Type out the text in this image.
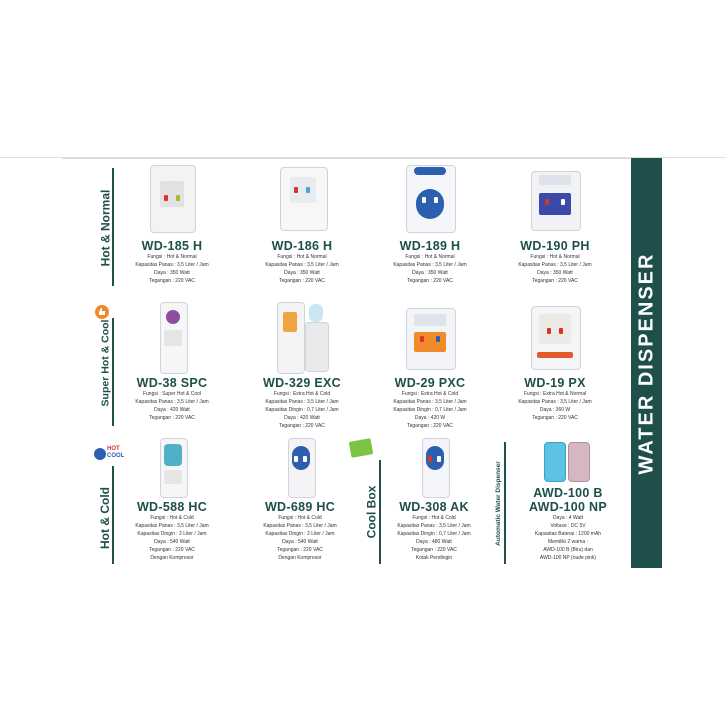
WATER DISPENSER
Hot & Normal
Super Hot & Cool
Hot & Cold
HOT
COOL
Cool Box	Automatic Water Dispenser
WD-185 H
Fungsi : Hot & Normal
Kapasitas Panas : 3,5 Liter / Jam
Daya : 350 Watt
Tegangan : 220 VAC
WD-186 H
Fungsi : Hot & Normal
Kapasitas Panas : 3,5 Liter / Jam
Daya : 350 Watt
Tegangan : 220 VAC
WD-189 H
Fungsi : Hot & Normal
Kapasitas Panas : 3,5 Liter / Jam
Daya : 350 Watt
Tegangan : 220 VAC
WD-190 PH
Fungsi : Hot & Normal
Kapasitas Panas : 3,5 Liter / Jam
Daya : 350 Watt
Tegangan : 220 VAC
WD-38 SPC
Fungsi : Super Hot & Cool
Kapasitas Panas : 3,5 Liter / Jam
Daya : 420 Watt
Tegangan : 220 VAC
WD-329 EXC
Fungsi : Extra Hot & Cold
Kapasitas Panas : 3,5 Liter / Jam
Kapasitas Dingin : 0,7 Liter / Jam
Daya : 420 Watt
Tegangan : 220 VAC
WD-29 PXC
Fungsi : Extra Hot & Cold
Kapasitas Panas : 3,5 Liter / Jam
Kapasitas Dingin : 0,7 Liter / Jam
Daya : 420 W
Tegangan : 220 VAC
WD-19 PX
Fungsi : Extra Hot & Normal
Kapasitas Panas : 3,5 Liter / Jam
Daya : 360 W
Tegangan : 220 VAC
WD-588 HC
Fungsi : Hot & Cold
Kapasitas Panas : 3,5 Liter / Jam
Kapasitas Dingin : 2 Liter / Jam
Daya : 540 Watt
Tegangan : 220 VAC
Dengan Kompresor
WD-689 HC
Fungsi : Hot & Cold
Kapasitas Panas : 3,5 Liter / Jam
Kapasitas Dingin : 2 Liter / Jam
Daya : 540 Watt
Tegangan : 220 VAC
Dengan Kompresor
WD-308 AK
Fungsi : Hot & Cold
Kapasitas Panas : 3,5 Liter / Jam
Kapasitas Dingin : 0,7 Liter / Jam
Daya : 480 Watt
Tegangan : 220 VAC
Kotak Pendingin
AWD-100 B
AWD-100 NP
Daya : 4 Watt
Voltase : DC 5V
Kapasitas Baterai : 1200 mAh
Memiliki 2 warna :
AWD-100 B (Biru) dan
AWD-100 NP (nude pink)
